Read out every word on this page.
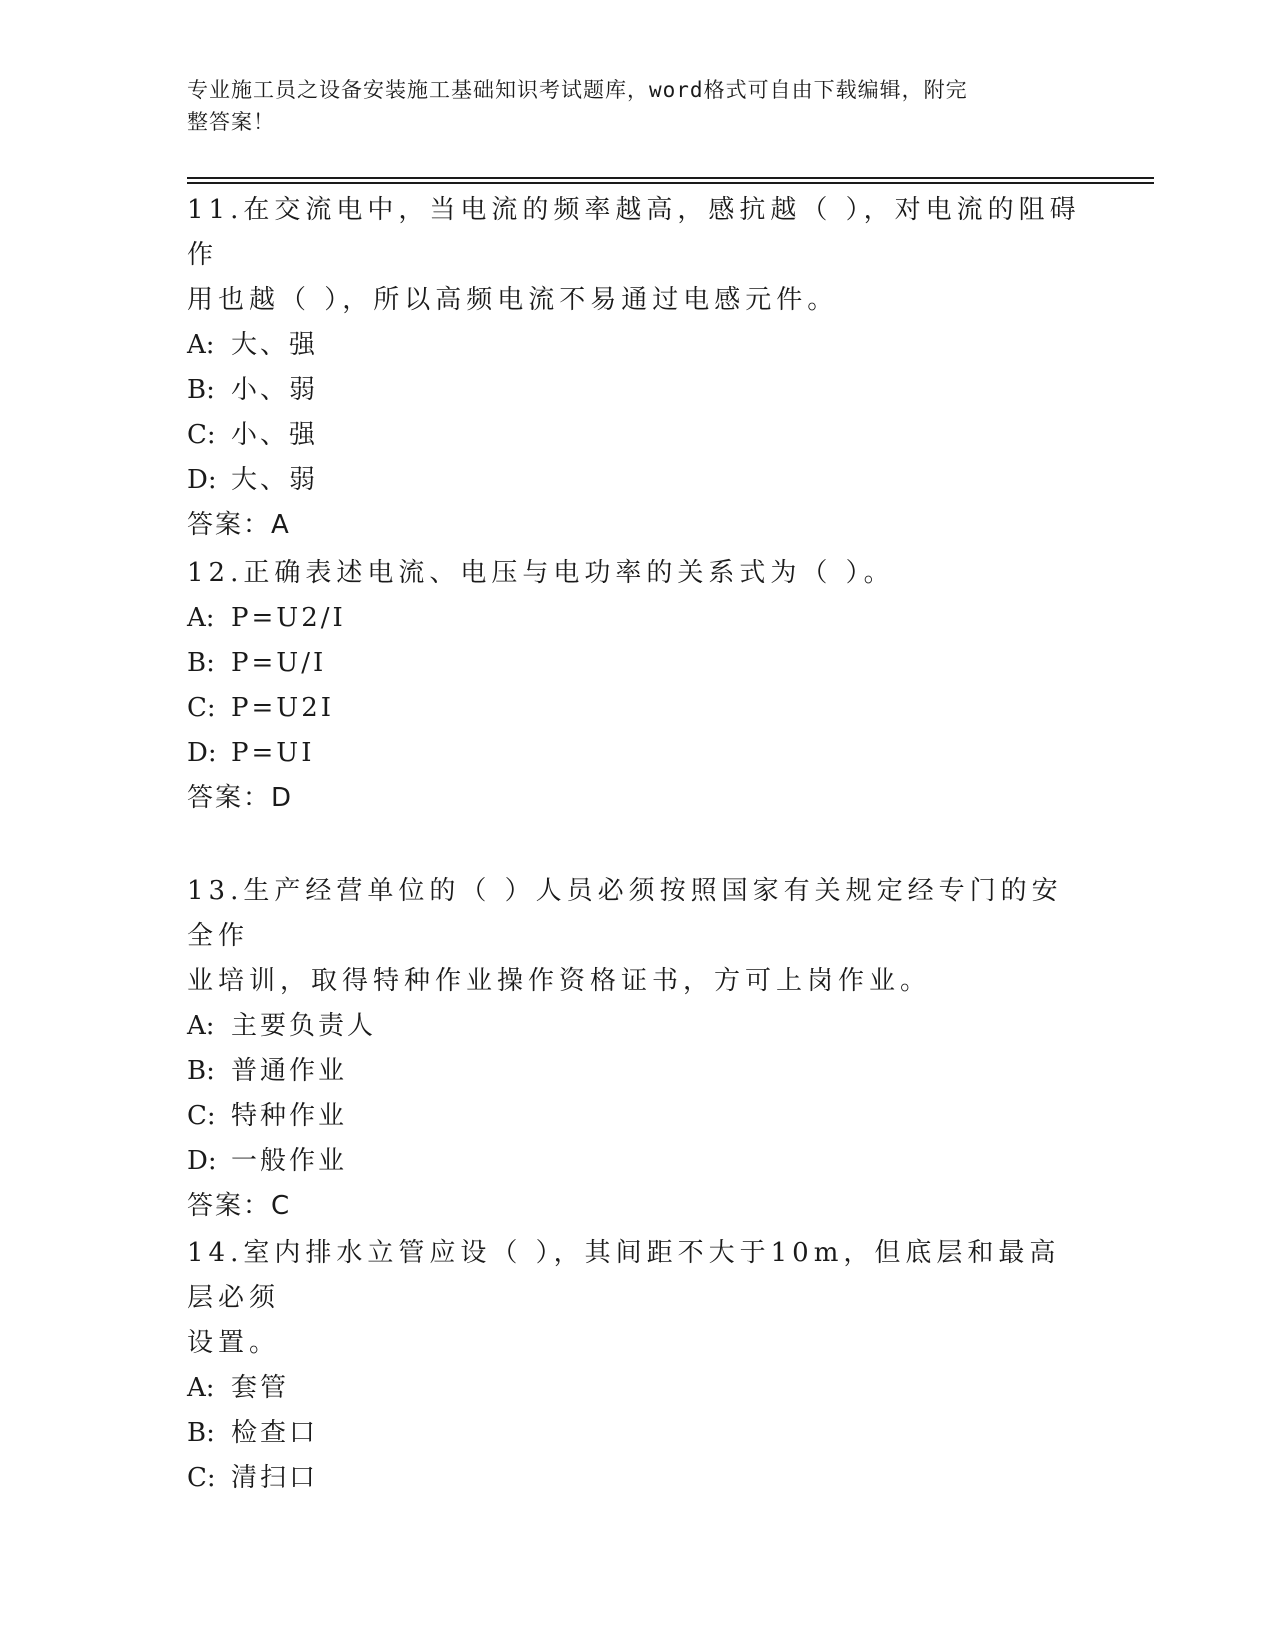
专业施工员之设备安装施工基础知识考试题库，word格式可自由下载编辑，附完
整答案！

11.在交流电中，当电流的频率越高，感抗越（ ），对电流的阻碍作
用也越（ ），所以高频电流不易通过电感元件。

A: 大、强

B: 小、弱

C: 小、强

D: 大、弱

答案：A

12.正确表述电流、电压与电功率的关系式为（ ）。

A: P=U2/I

B: P=U/I

C: P=U2I

D: P=UI

答案：D

13.生产经营单位的（ ）人员必须按照国家有关规定经专门的安全作
业培训，取得特种作业操作资格证书，方可上岗作业。

A: 主要负责人

B: 普通作业

C: 特种作业

D: 一般作业

答案：C

14.室内排水立管应设（ ），其间距不大于10m，但底层和最高层必须
设置。

A: 套管

B: 检查口

C: 清扫口
